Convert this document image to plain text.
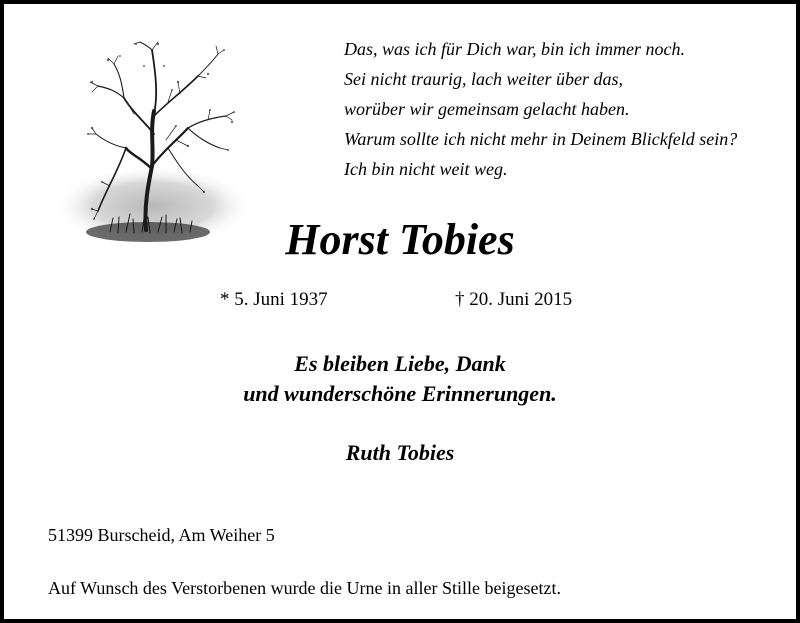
Das, was ich für Dich war, bin ich immer noch.
Sei nicht traurig, lach weiter über das,
worüber wir gemeinsam gelacht haben.
Warum sollte ich nicht mehr in Deinem Blickfeld sein?
Ich bin nicht weit weg.
Horst Tobies
* 5. Juni 1937	† 20. Juni 2015
Es bleiben Liebe, Dank
und wunderschöne Erinnerungen.
Ruth Tobies
51399 Burscheid, Am Weiher 5
Auf Wunsch des Verstorbenen wurde die Urne in aller Stille beigesetzt.
